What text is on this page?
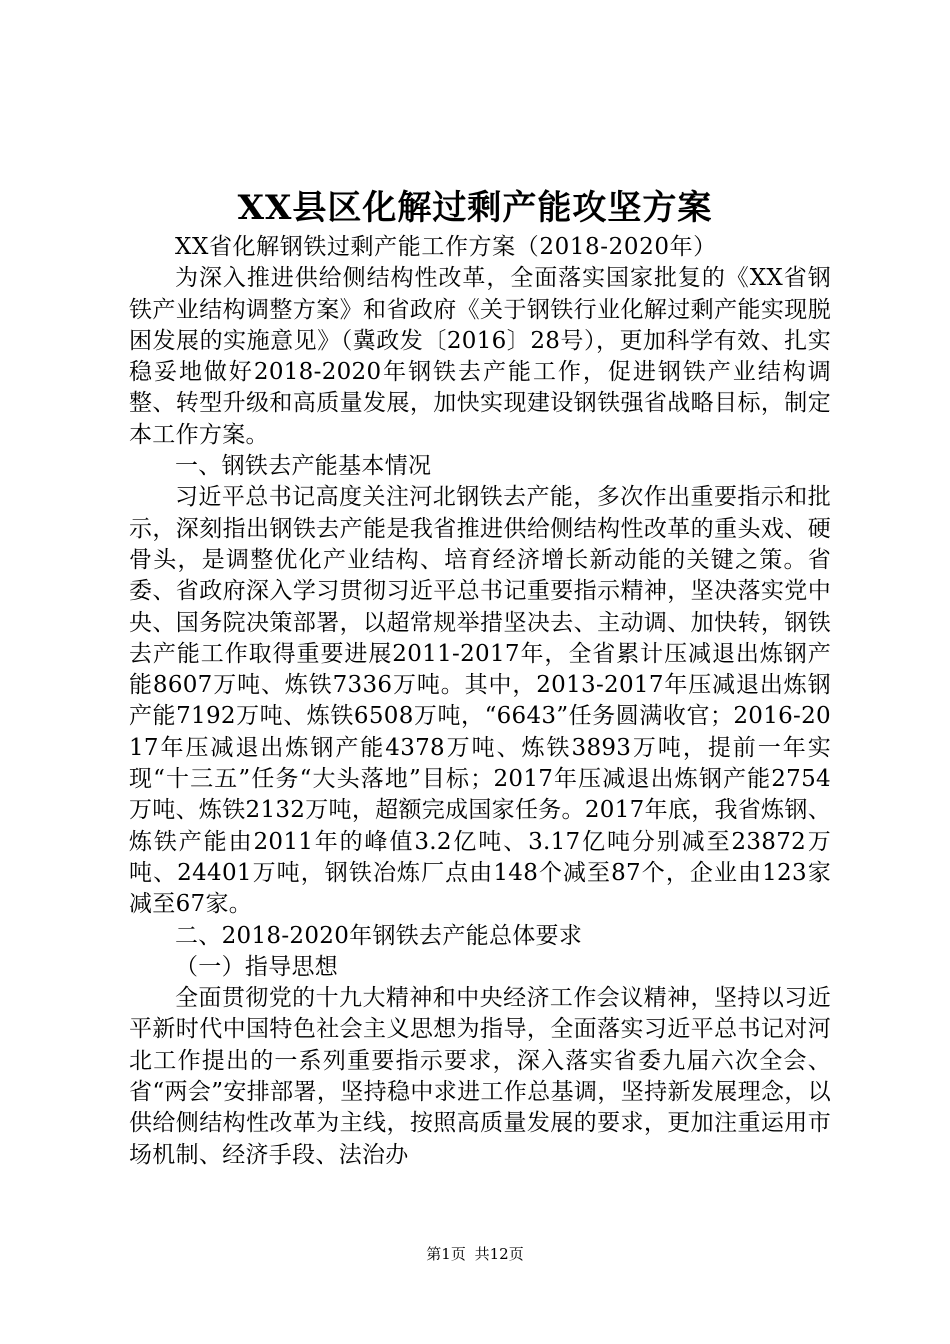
XX县区化解过剩产能攻坚方案

XX省化解钢铁过剩产能工作方案（2018-2020年）

为深入推进供给侧结构性改革，全面落实国家批复的《XX省钢铁产业结构调整方案》和省政府《关于钢铁行业化解过剩产能实现脱困发展的实施意见》（冀政发〔2016〕28号），更加科学有效、扎实稳妥地做好2018-2020年钢铁去产能工作，促进钢铁产业结构调整、转型升级和高质量发展，加快实现建设钢铁强省战略目标，制定本工作方案。

一、钢铁去产能基本情况

习近平总书记高度关注河北钢铁去产能，多次作出重要指示和批示，深刻指出钢铁去产能是我省推进供给侧结构性改革的重头戏、硬骨头，是调整优化产业结构、培育经济增长新动能的关键之策。省委、省政府深入学习贯彻习近平总书记重要指示精神，坚决落实党中央、国务院决策部署，以超常规举措坚决去、主动调、加快转，钢铁去产能工作取得重要进展2011-2017年，全省累计压减退出炼钢产能8607万吨、炼铁7336万吨。其中，2013-2017年压减退出炼钢产能7192万吨、炼铁6508万吨，“6643”任务圆满收官；2016-2017年压减退出炼钢产能4378万吨、炼铁3893万吨，提前一年实现“十三五”任务“大头落地”目标；2017年压减退出炼钢产能2754万吨、炼铁2132万吨，超额完成国家任务。2017年底，我省炼钢、炼铁产能由2011年的峰值3.2亿吨、3.17亿吨分别减至23872万吨、24401万吨，钢铁冶炼厂点由148个减至87个，企业由123家减至67家。

二、2018-2020年钢铁去产能总体要求

（一）指导思想

全面贯彻党的十九大精神和中央经济工作会议精神，坚持以习近平新时代中国特色社会主义思想为指导，全面落实习近平总书记对河北工作提出的一系列重要指示要求，深入落实省委九届六次全会、省“两会”安排部署，坚持稳中求进工作总基调，坚持新发展理念，以供给侧结构性改革为主线，按照高质量发展的要求，更加注重运用市场机制、经济手段、法治办

第1页 共12页
